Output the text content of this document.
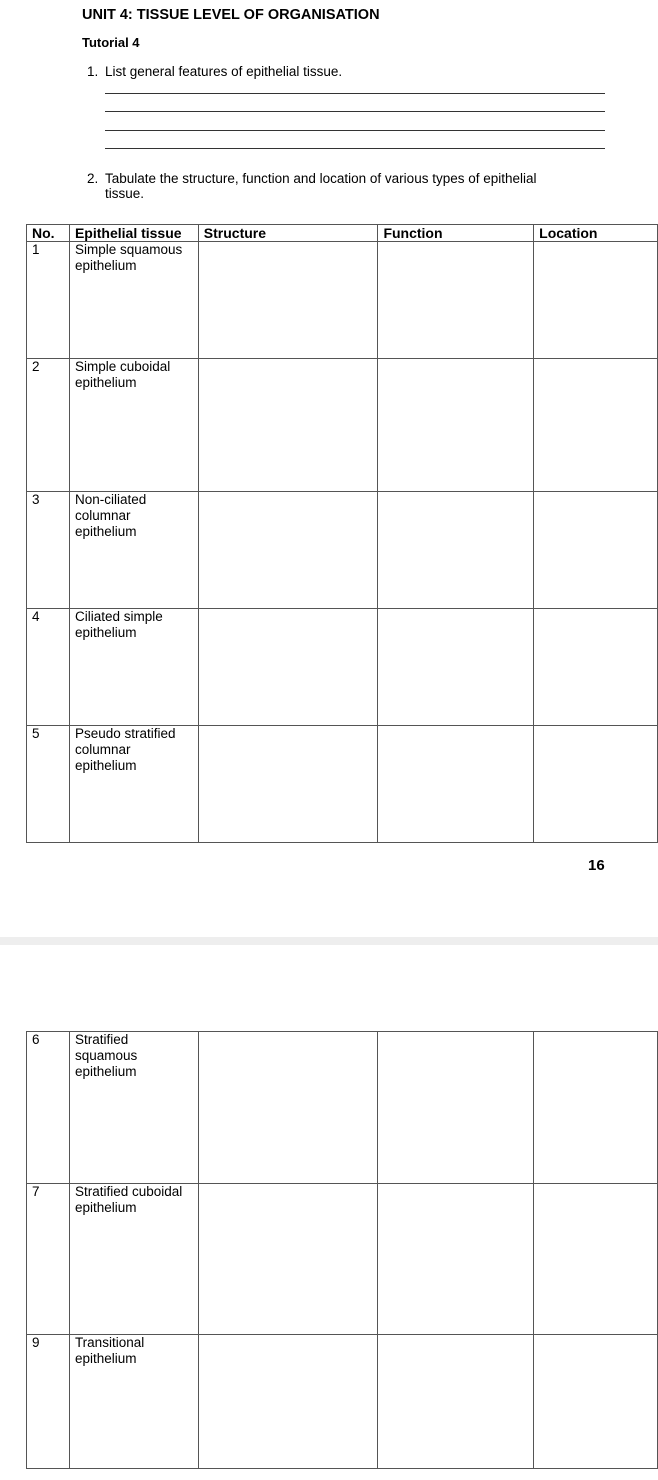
UNIT 4: TISSUE LEVEL OF ORGANISATION
Tutorial 4
1. List general features of epithelial tissue.
2. Tabulate the structure, function and location of various types of epithelial
tissue.
No.	Epithelial tissue	Structure	Function	Location
1	Simple squamous
epithelium			

2	Simple cuboidal
epithelium			

3	Non-ciliated
columnar
epithelium			

4	Ciliated simple
epithelium			

5	Pseudo stratified
columnar
epithelium			

16
6	Stratified
squamous
epithelium			

7	Stratified cuboidal
epithelium			

9	Transitional
epithelium			
